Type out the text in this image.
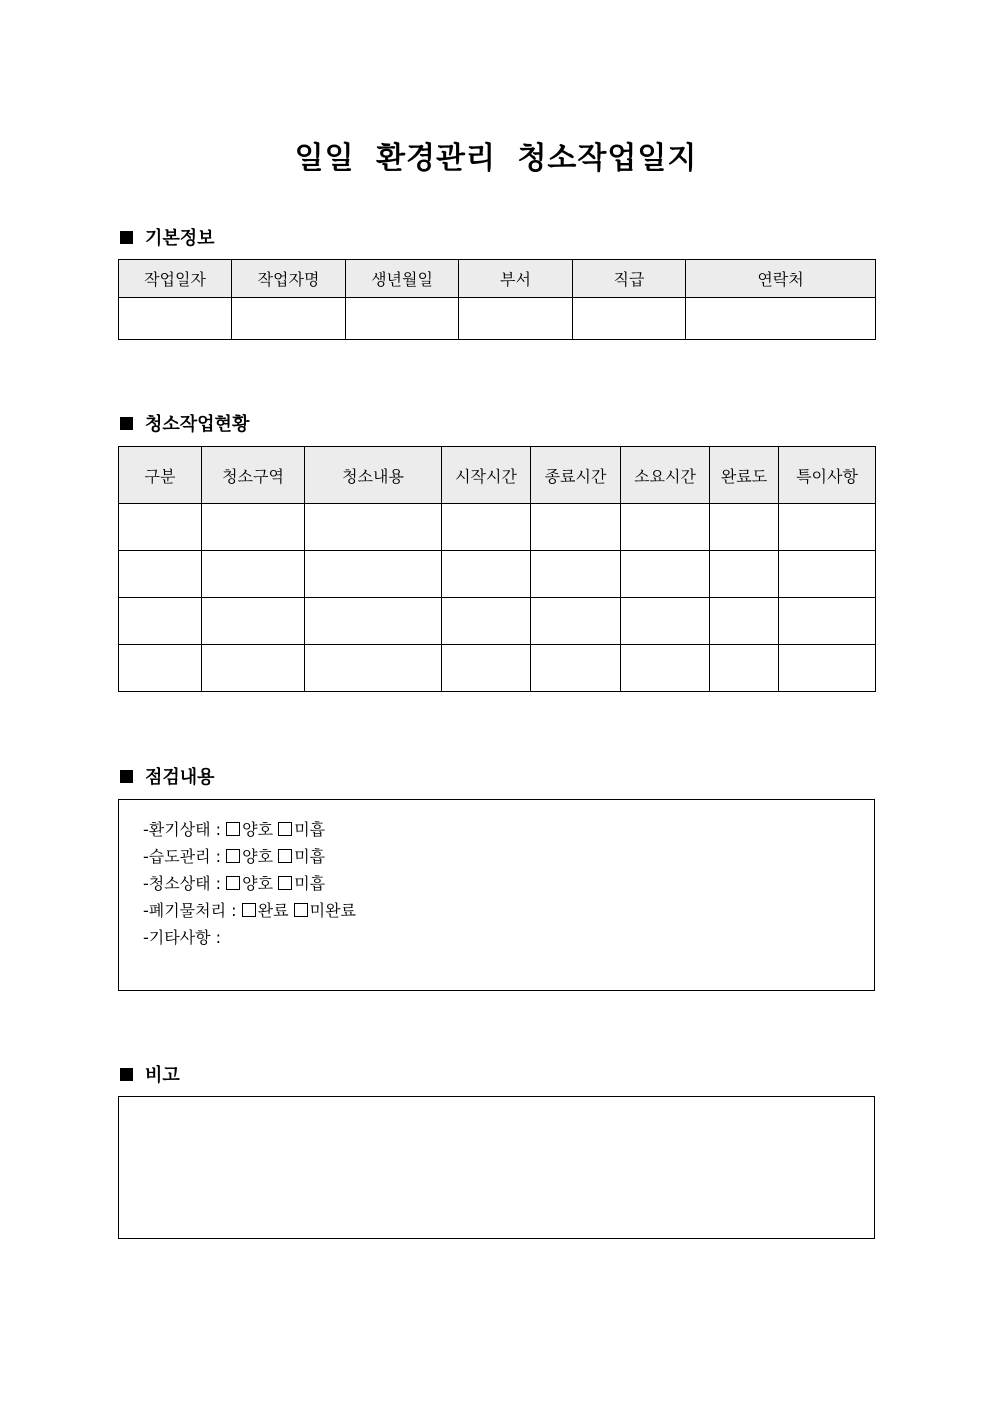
일일 환경관리 청소작업일지
기본정보
작업일자	작업자명	생년월일	부서	직급	연락처

청소작업현황
구분	청소구역	청소내용	시작시간	종료시간	소요시간	완료도	특이사항

점검내용
-환기상태 : 양호 미흡
-습도관리 : 양호 미흡
-청소상태 : 양호 미흡
-폐기물처리 : 완료 미완료
-기타사항 :
비고
